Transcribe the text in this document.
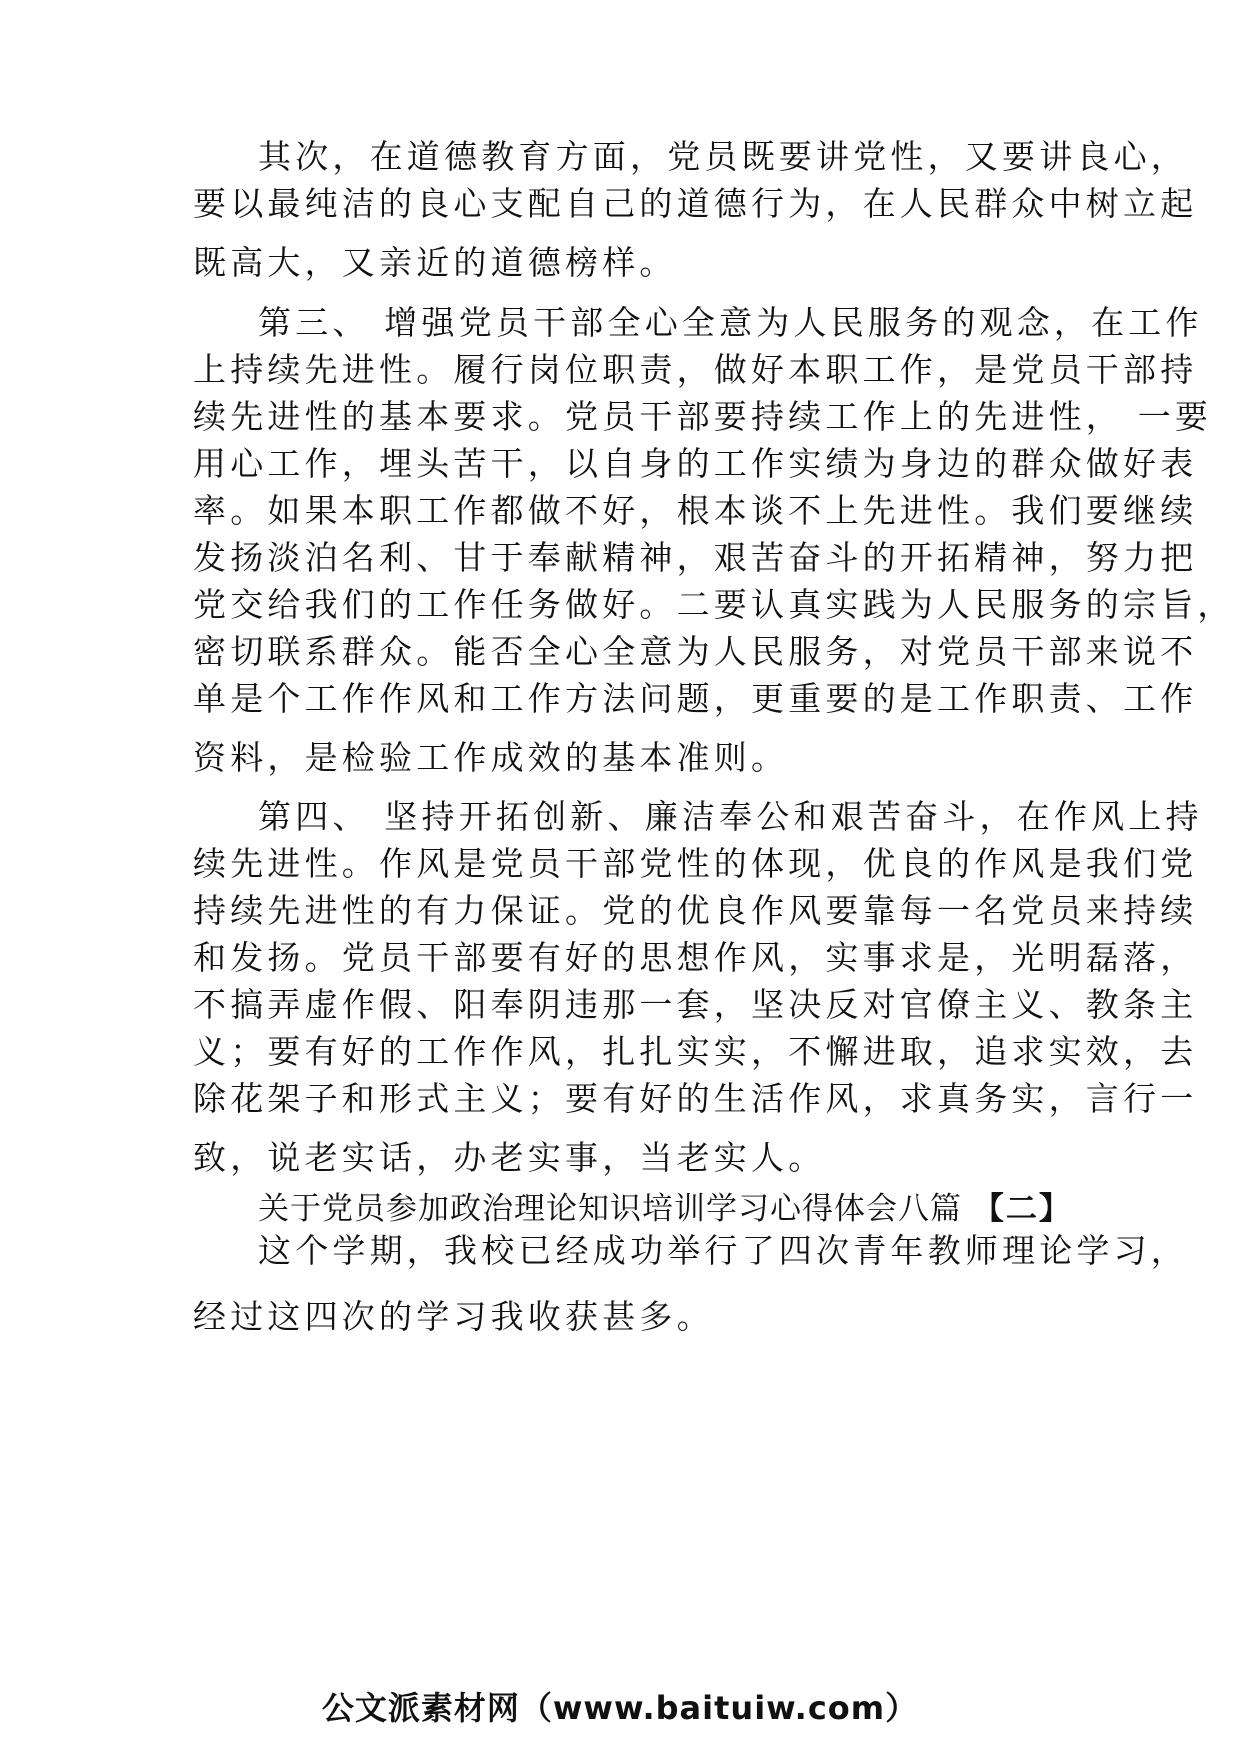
其次，在道德教育方面，党员既要讲党性，又要讲良心，
要以最纯洁的良心支配自己的道德行为，在人民群众中树立起
既高大，又亲近的道德榜样。
第三、 增强党员干部全心全意为人民服务的观念，在工作
上持续先进性。履行岗位职责，做好本职工作，是党员干部持
续先进性的基本要求。党员干部要持续工作上的先进性， 一要
用心工作，埋头苦干，以自身的工作实绩为身边的群众做好表
率。如果本职工作都做不好，根本谈不上先进性。我们要继续
发扬淡泊名利、甘于奉献精神，艰苦奋斗的开拓精神，努力把
党交给我们的工作任务做好。二要认真实践为人民服务的宗旨，
密切联系群众。能否全心全意为人民服务，对党员干部来说不
单是个工作作风和工作方法问题，更重要的是工作职责、工作
资料，是检验工作成效的基本准则。
第四、 坚持开拓创新、廉洁奉公和艰苦奋斗，在作风上持
续先进性。作风是党员干部党性的体现，优良的作风是我们党
持续先进性的有力保证。党的优良作风要靠每一名党员来持续
和发扬。党员干部要有好的思想作风，实事求是，光明磊落，
不搞弄虚作假、阳奉阴违那一套，坚决反对官僚主义、教条主
义；要有好的工作作风，扎扎实实，不懈进取，追求实效，去
除花架子和形式主义；要有好的生活作风，求真务实，言行一
致，说老实话，办老实事，当老实人。
关于党员参加政治理论知识培训学习心得体会八篇 【二】
这个学期，我校已经成功举行了四次青年教师理论学习，
经过这四次的学习我收获甚多。
公文派素材网（www.baituiw.com）
